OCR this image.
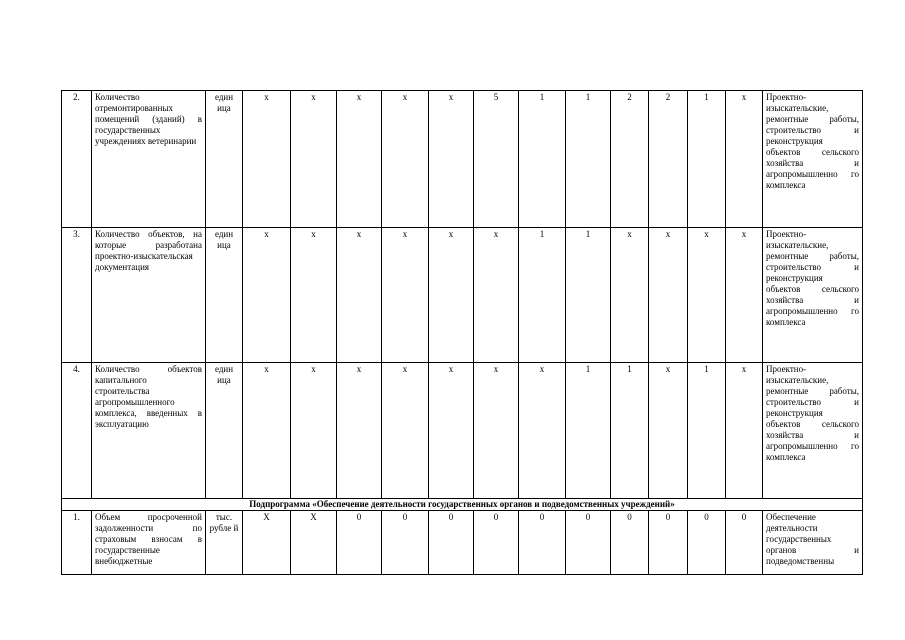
2.	Количество отремонтированных помещений (зданий) в государственных учреждениях ветеринарии	един ица	х	х	х	х	х	5	1	1	2	2	1	х	Проектно-изыскательские, ремонтные работы, строительство и реконструкция объектов сельского хозяйства и агропромышленно го комплекса
3.	Количество объектов, на которые разработана проектно-изыскательская документация	един ица	х	х	х	х	х	х	1	1	х	х	х	х	Проектно-изыскательские, ремонтные работы, строительство и реконструкция объектов сельского хозяйства и агропромышленно го комплекса
4.	Количество объектов капитального строительства агропромышленного комплекса, введенных в эксплуатацию	един ица	х	х	х	х	х	х	х	1	1	х	1	х	Проектно-изыскательские, ремонтные работы, строительство и реконструкция объектов сельского хозяйства и агропромышленно го комплекса
Подпрограмма «Обеспечение деятельности государственных органов и подведомственных учреждений»															
1.	Объем просроченной задолженности по страховым взносам в государственные внебюджетные	тыс. рубле й	Х	Х	0	0	0	0	0	0	0	0	0	0	Обеспечение деятельности государственных органов и подведомственны
